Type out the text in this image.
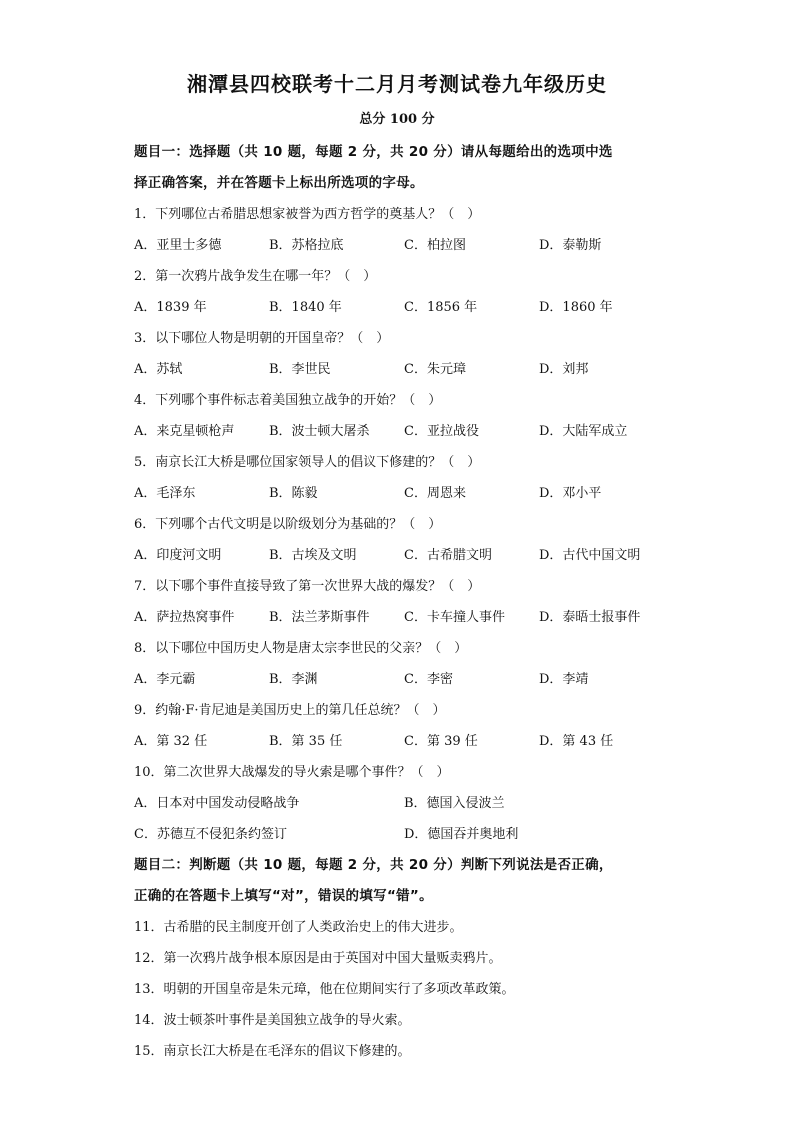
湘潭县四校联考十二月月考测试卷九年级历史
总分 100 分
题目一：选择题（共 10 题，每题 2 分，共 20 分）请从每题给出的选项中选
择正确答案，并在答题卡上标出所选项的字母。
1．下列哪位古希腊思想家被誉为西方哲学的奠基人？（　）
A．亚里士多德	B．苏格拉底	C．柏拉图	D．泰勒斯
2．第一次鸦片战争发生在哪一年？（　）
A．1839 年	B．1840 年	C．1856 年	D．1860 年
3．以下哪位人物是明朝的开国皇帝？（　）
A．苏轼	B．李世民	C．朱元璋	D．刘邦
4．下列哪个事件标志着美国独立战争的开始？（　）
A．来克星顿枪声	B．波士顿大屠杀	C．亚拉战役	D．大陆军成立
5．南京长江大桥是哪位国家领导人的倡议下修建的？（　）
A．毛泽东	B．陈毅	C．周恩来	D．邓小平
6．下列哪个古代文明是以阶级划分为基础的？（　）
A．印度河文明	B．古埃及文明	C．古希腊文明	D．古代中国文明
7．以下哪个事件直接导致了第一次世界大战的爆发？（　）
A．萨拉热窝事件	B．法兰茅斯事件	C．卡车撞人事件	D．泰晤士报事件
8．以下哪位中国历史人物是唐太宗李世民的父亲？（　）
A．李元霸	B．李渊	C．李密	D．李靖
9．约翰·F·肯尼迪是美国历史上的第几任总统？（　）
A．第 32 任	B．第 35 任	C．第 39 任	D．第 43 任
10．第二次世界大战爆发的导火索是哪个事件？（　）
A．日本对中国发动侵略战争	B．德国入侵波兰
C．苏德互不侵犯条约签订	D．德国吞并奥地利
题目二：判断题（共 10 题，每题 2 分，共 20 分）判断下列说法是否正确，
正确的在答题卡上填写“对”，错误的填写“错”。
11．古希腊的民主制度开创了人类政治史上的伟大进步。
12．第一次鸦片战争根本原因是由于英国对中国大量贩卖鸦片。
13．明朝的开国皇帝是朱元璋，他在位期间实行了多项改革政策。
14．波士顿茶叶事件是美国独立战争的导火索。
15．南京长江大桥是在毛泽东的倡议下修建的。
